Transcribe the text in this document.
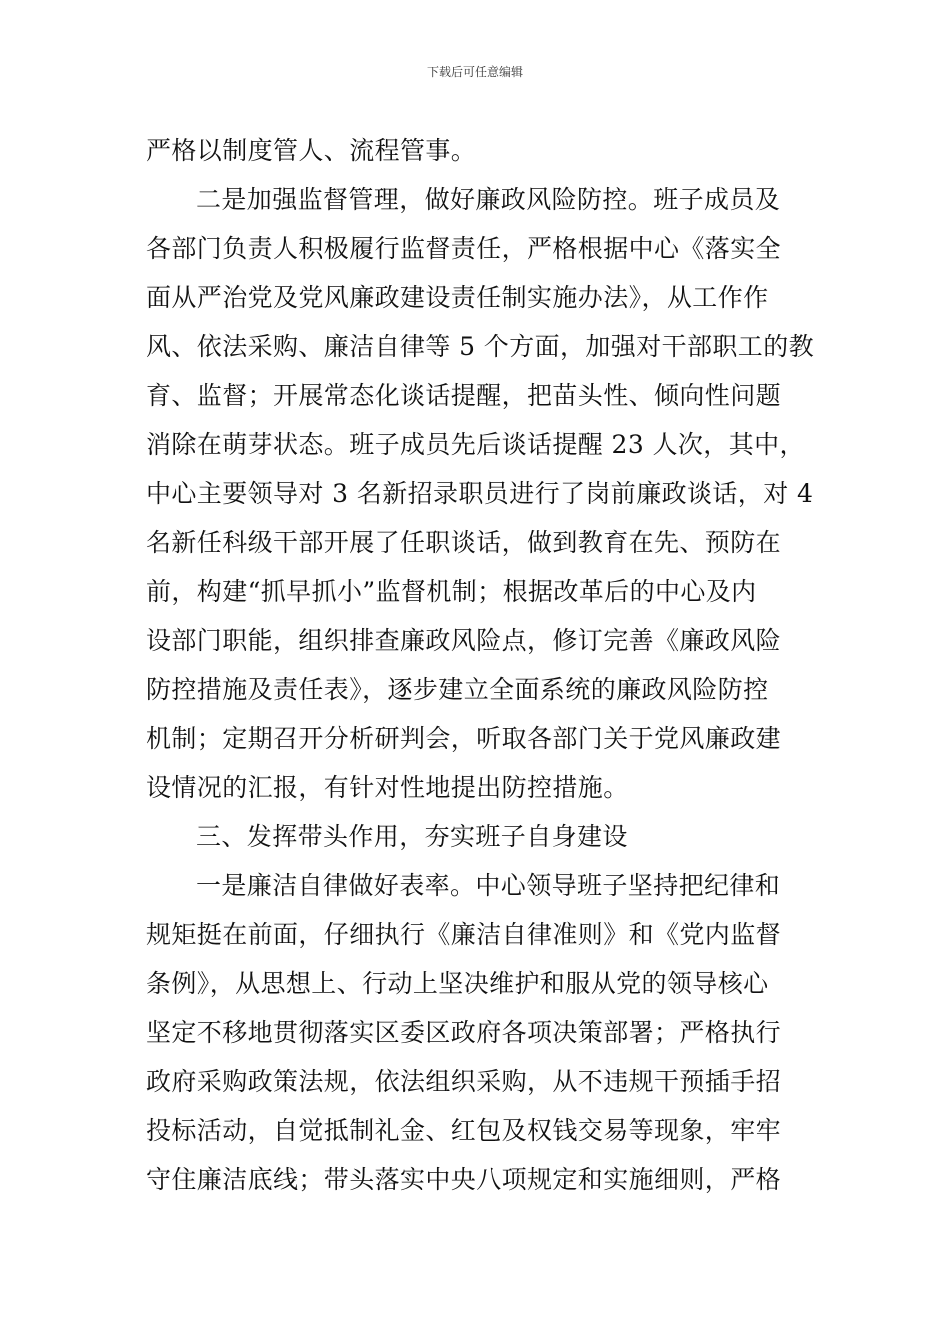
下载后可任意编辑
严格以制度管人、流程管事。
二是加强监督管理，做好廉政风险防控。班子成员及
各部门负责人积极履行监督责任，严格根据中心《落实全
面从严治党及党风廉政建设责任制实施办法》，从工作作
风、依法采购、廉洁自律等 5 个方面，加强对干部职工的教
育、监督；开展常态化谈话提醒，把苗头性、倾向性问题
消除在萌芽状态。班子成员先后谈话提醒 23 人次，其中，
中心主要领导对 3 名新招录职员进行了岗前廉政谈话，对 4
名新任科级干部开展了任职谈话，做到教育在先、预防在
前，构建“抓早抓小”监督机制；根据改革后的中心及内
设部门职能，组织排查廉政风险点，修订完善《廉政风险
防控措施及责任表》，逐步建立全面系统的廉政风险防控
机制；定期召开分析研判会，听取各部门关于党风廉政建
设情况的汇报，有针对性地提出防控措施。
三、发挥带头作用，夯实班子自身建设
一是廉洁自律做好表率。中心领导班子坚持把纪律和
规矩挺在前面，仔细执行《廉洁自律准则》和《党内监督
条例》，从思想上、行动上坚决维护和服从党的领导核心
坚定不移地贯彻落实区委区政府各项决策部署；严格执行
政府采购政策法规，依法组织采购，从不违规干预插手招
投标活动，自觉抵制礼金、红包及权钱交易等现象，牢牢
守住廉洁底线；带头落实中央八项规定和实施细则，严格
